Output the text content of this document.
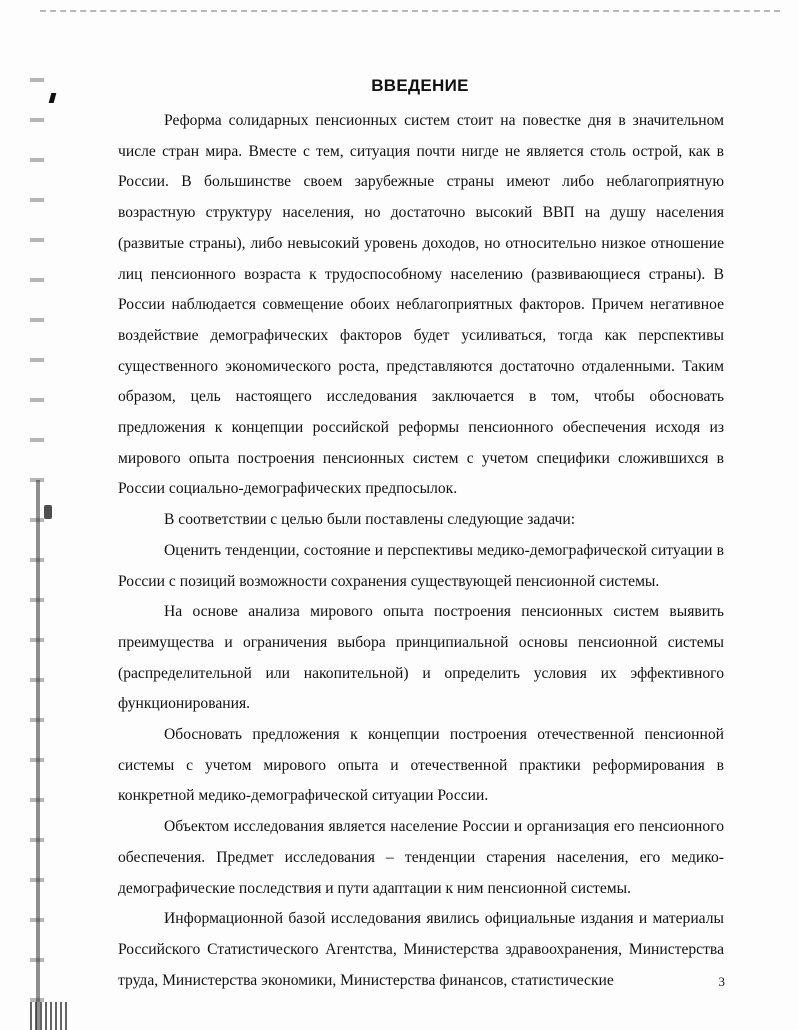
ВВЕДЕНИЕ

Реформа солидарных пенсионных систем стоит на повестке дня в значительном числе стран мира. Вместе с тем, ситуация почти нигде не является столь острой, как в России. В большинстве своем зарубежные страны имеют либо неблагоприятную возрастную структуру населения, но достаточно высокий ВВП на душу населения (развитые страны), либо невысокий уровень доходов, но относительно низкое отношение лиц пенсионного возраста к трудоспособному населению (развивающиеся страны). В России наблюдается совмещение обоих неблагоприятных факторов. Причем негативное воздействие демографических факторов будет усиливаться, тогда как перспективы существенного экономического роста, представляются достаточно отдаленными. Таким образом, цель настоящего исследования заключается в том, чтобы обосновать предложения к концепции российской реформы пенсионного обеспечения исходя из мирового опыта построения пенсионных систем с учетом специфики сложившихся в России социально-демографических предпосылок.

В соответствии с целью были поставлены следующие задачи:

Оценить тенденции, состояние и перспективы медико-демографической ситуации в России с позиций возможности сохранения существующей пенсионной системы.

На основе анализа мирового опыта построения пенсионных систем выявить преимущества и ограничения выбора принципиальной основы пенсионной системы (распределительной или накопительной) и определить условия их эффективного функционирования.

Обосновать предложения к концепции построения отечественной пенсионной системы с учетом мирового опыта и отечественной практики реформирования в конкретной медико-демографической ситуации России.

Объектом исследования является население России и организация его пенсионного обеспечения. Предмет исследования – тенденции старения населения, его медико-демографические последствия и пути адаптации к ним пенсионной системы.

Информационной базой исследования явились официальные издания и материалы Российского Статистического Агентства, Министерства здравоохранения, Министерства труда, Министерства экономики, Министерства финансов, статистические	3
